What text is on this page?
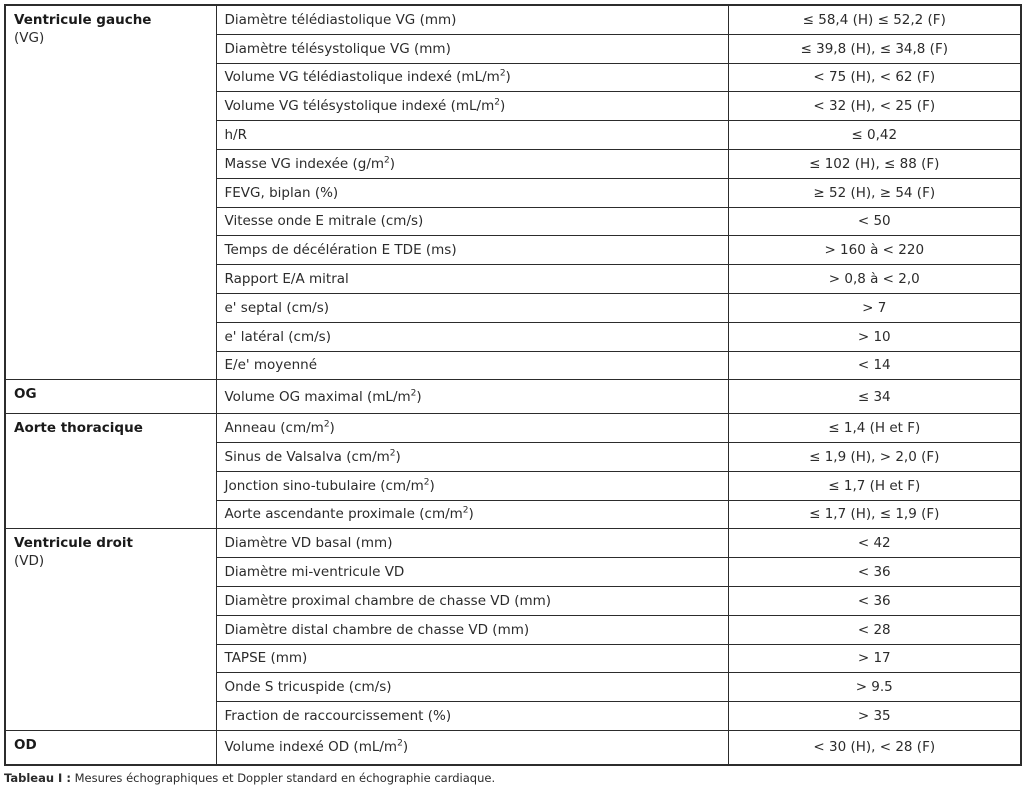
Ventricule gauche
(VG)	Diamètre télédiastolique VG (mm)	≤ 58,4 (H) ≤ 52,2 (F)
	Diamètre télésystolique VG (mm)	≤ 39,8 (H), ≤ 34,8 (F)
	Volume VG télédiastolique indexé $(mL/m^2)$	< 75 (H), < 62 (F)
	Volume VG télésystolique indexé $(mL/m^2)$	< 32 (H), < 25 (F)
	h/R	≤ 0,42
	Masse VG indexée $(g/m^2)$	≤ 102 (H), ≤ 88 (F)
	FEVG, biplan (%)	≥ 52 (H), ≥ 54 (F)
	Vitesse onde E mitrale (cm/s)	< 50
	Temps de décélération E TDE (ms)	> 160 à < 220
	Rapport E/A mitral	> 0,8 à < 2,0
	e' septal (cm/s)	> 7
	e' latéral (cm/s)	> 10
	E/e' moyenné	< 14

OG	Volume OG maximal $(mL/m^2)$	≤ 34

Aorte thoracique	Anneau $(cm/m^2)$	≤ 1,4 (H et F)
	Sinus de Valsalva $(cm/m^2)$	≤ 1,9 (H), > 2,0 (F)
	Jonction sino-tubulaire $(cm/m^2)$	≤ 1,7 (H et F)
	Aorte ascendante proximale $(cm/m^2)$	≤ 1,7 (H), ≤ 1,9 (F)

Ventricule droit
(VD)	Diamètre VD basal (mm)	< 42
	Diamètre mi-ventricule VD	< 36
	Diamètre proximal chambre de chasse VD (mm)	< 36
	Diamètre distal chambre de chasse VD (mm)	< 28
	TAPSE (mm)	> 17
	Onde S tricuspide (cm/s)	> 9.5
	Fraction de raccourcissement (%)	> 35

OD	Volume indexé OD $(mL/m^2)$	< 30 (H), < 28 (F)
Tableau I : Mesures échographiques et Doppler standard en échographie cardiaque.
